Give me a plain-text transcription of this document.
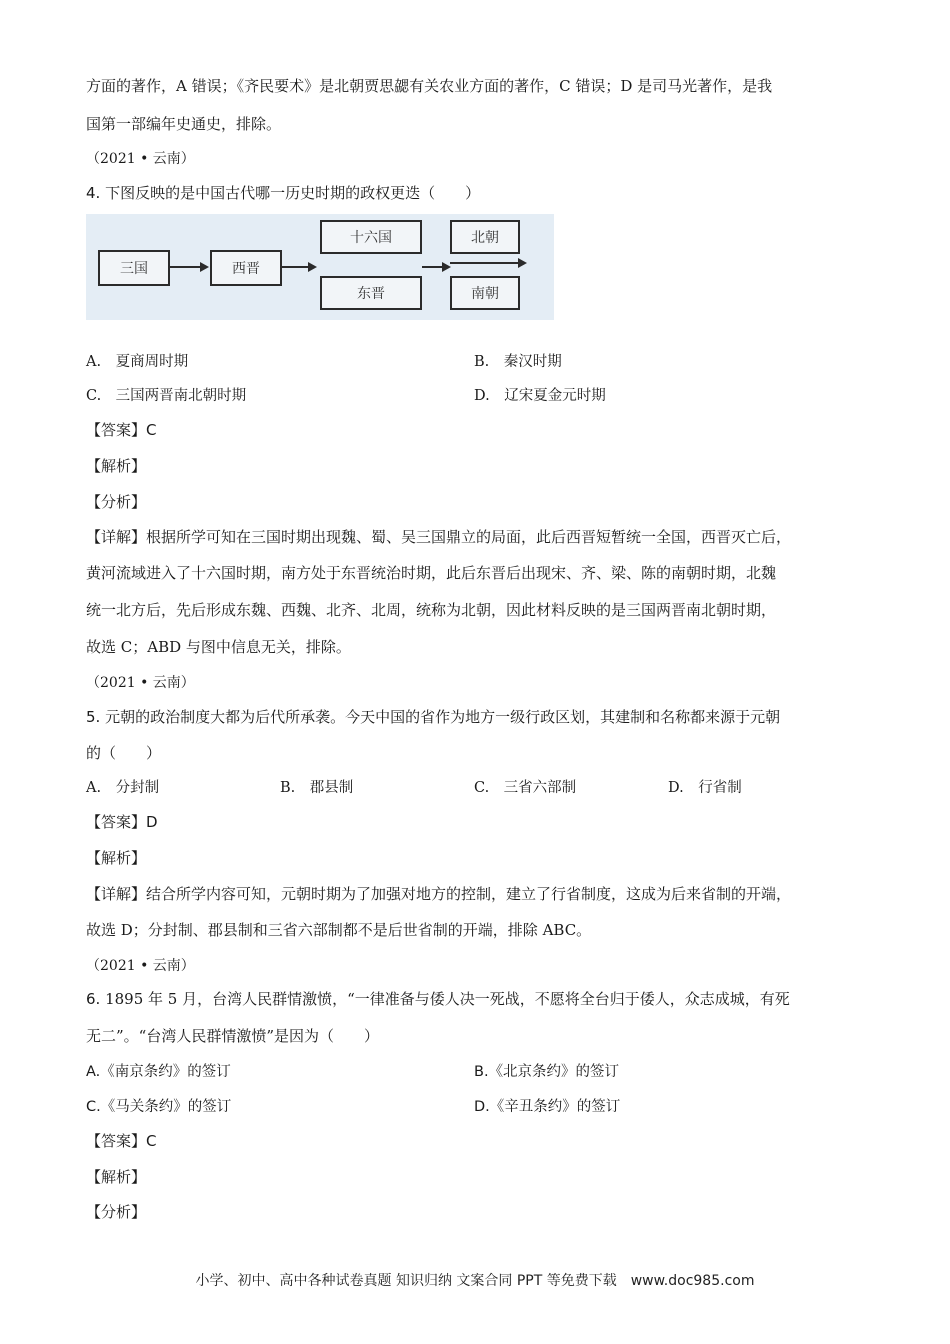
方面的著作，A 错误；《齐民要术》是北朝贾思勰有关农业方面的著作，C 错误；D 是司马光著作，是我
国第一部编年史通史，排除。
（2021 • 云南）
4. 下图反映的是中国古代哪一历史时期的政权更迭（　　）
三国	西晋
十六国
东晋
北朝
南朝
A.　夏商周时期	B.　秦汉时期
C.　三国两晋南北朝时期	D.　辽宋夏金元时期
【答案】C
【解析】
【分析】
【详解】根据所学可知在三国时期出现魏、蜀、吴三国鼎立的局面，此后西晋短暂统一全国，西晋灭亡后，
黄河流域进入了十六国时期，南方处于东晋统治时期，此后东晋后出现宋、齐、梁、陈的南朝时期，北魏
统一北方后，先后形成东魏、西魏、北齐、北周，统称为北朝，因此材料反映的是三国两晋南北朝时期，
故选 C；ABD 与图中信息无关，排除。
（2021 • 云南）
5. 元朝的政治制度大都为后代所承袭。今天中国的省作为地方一级行政区划，其建制和名称都来源于元朝
的（　　）
A.　分封制	B.　郡县制	C.　三省六部制	D.　行省制
【答案】D
【解析】
【详解】结合所学内容可知，元朝时期为了加强对地方的控制，建立了行省制度，这成为后来省制的开端，
故选 D；分封制、郡县制和三省六部制都不是后世省制的开端，排除 ABC。
（2021 • 云南）
6. 1895 年 5 月，台湾人民群情激愤，“一律准备与倭人决一死战，不愿将全台归于倭人，众志成城，有死
无二”。“台湾人民群情激愤”是因为（　　）
A.《南京条约》的签订	B.《北京条约》的签订
C.《马关条约》的签订	D.《辛丑条约》的签订
【答案】C
【解析】
【分析】
小学、初中、高中各种试卷真题 知识归纳 文案合同 PPT 等免费下载　www.doc985.com
